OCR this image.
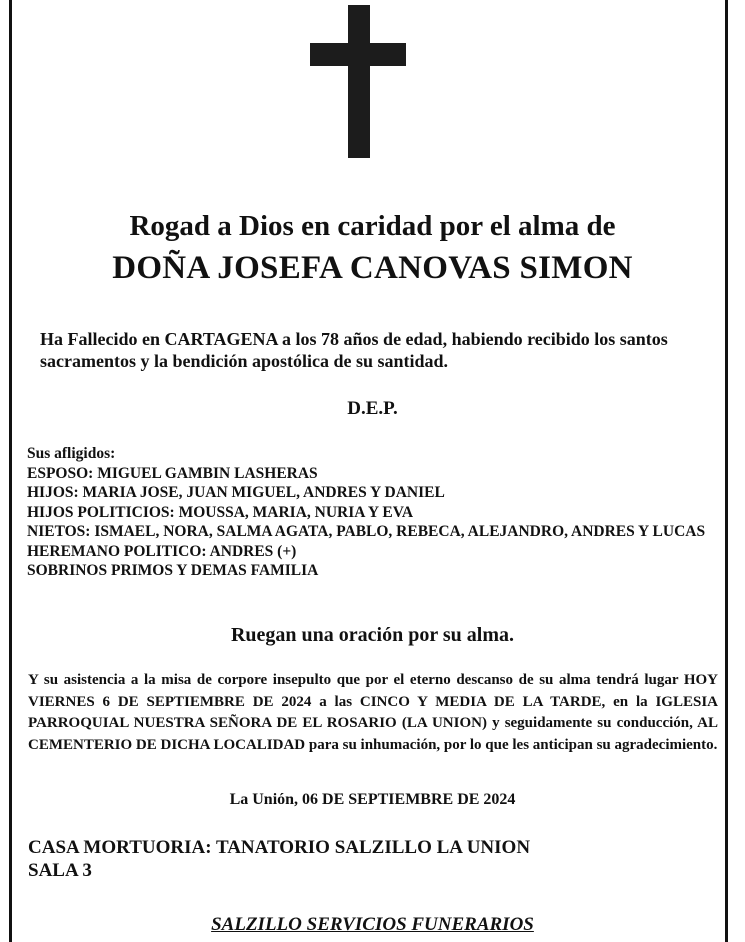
Rogad a Dios en caridad por el alma de
DOÑA JOSEFA CANOVAS SIMON
Ha Fallecido en CARTAGENA a los 78 años de edad, habiendo recibido los santos sacramentos y la bendición apostólica de su santidad.
D.E.P.
Sus afligidos:
ESPOSO: MIGUEL GAMBIN LASHERAS
HIJOS: MARIA JOSE, JUAN MIGUEL, ANDRES Y DANIEL
HIJOS POLITICIOS: MOUSSA, MARIA, NURIA Y EVA
NIETOS: ISMAEL, NORA, SALMA AGATA, PABLO, REBECA, ALEJANDRO, ANDRES Y LUCAS
HEREMANO POLITICO: ANDRES (+)
SOBRINOS PRIMOS Y DEMAS FAMILIA
Ruegan una oración por su alma.
Y su asistencia a la misa de corpore insepulto que por el eterno descanso de su alma tendrá lugar HOY VIERNES 6 DE SEPTIEMBRE DE 2024 a las CINCO Y MEDIA DE LA TARDE, en la IGLESIA PARROQUIAL NUESTRA SEÑORA DE EL ROSARIO (LA UNION) y seguidamente su conducción, AL CEMENTERIO DE DICHA LOCALIDAD para su inhumación, por lo que les anticipan su agradecimiento.
La Unión, 06 DE SEPTIEMBRE DE 2024
CASA MORTUORIA: TANATORIO SALZILLO LA UNION
SALA 3
SALZILLO SERVICIOS FUNERARIOS
